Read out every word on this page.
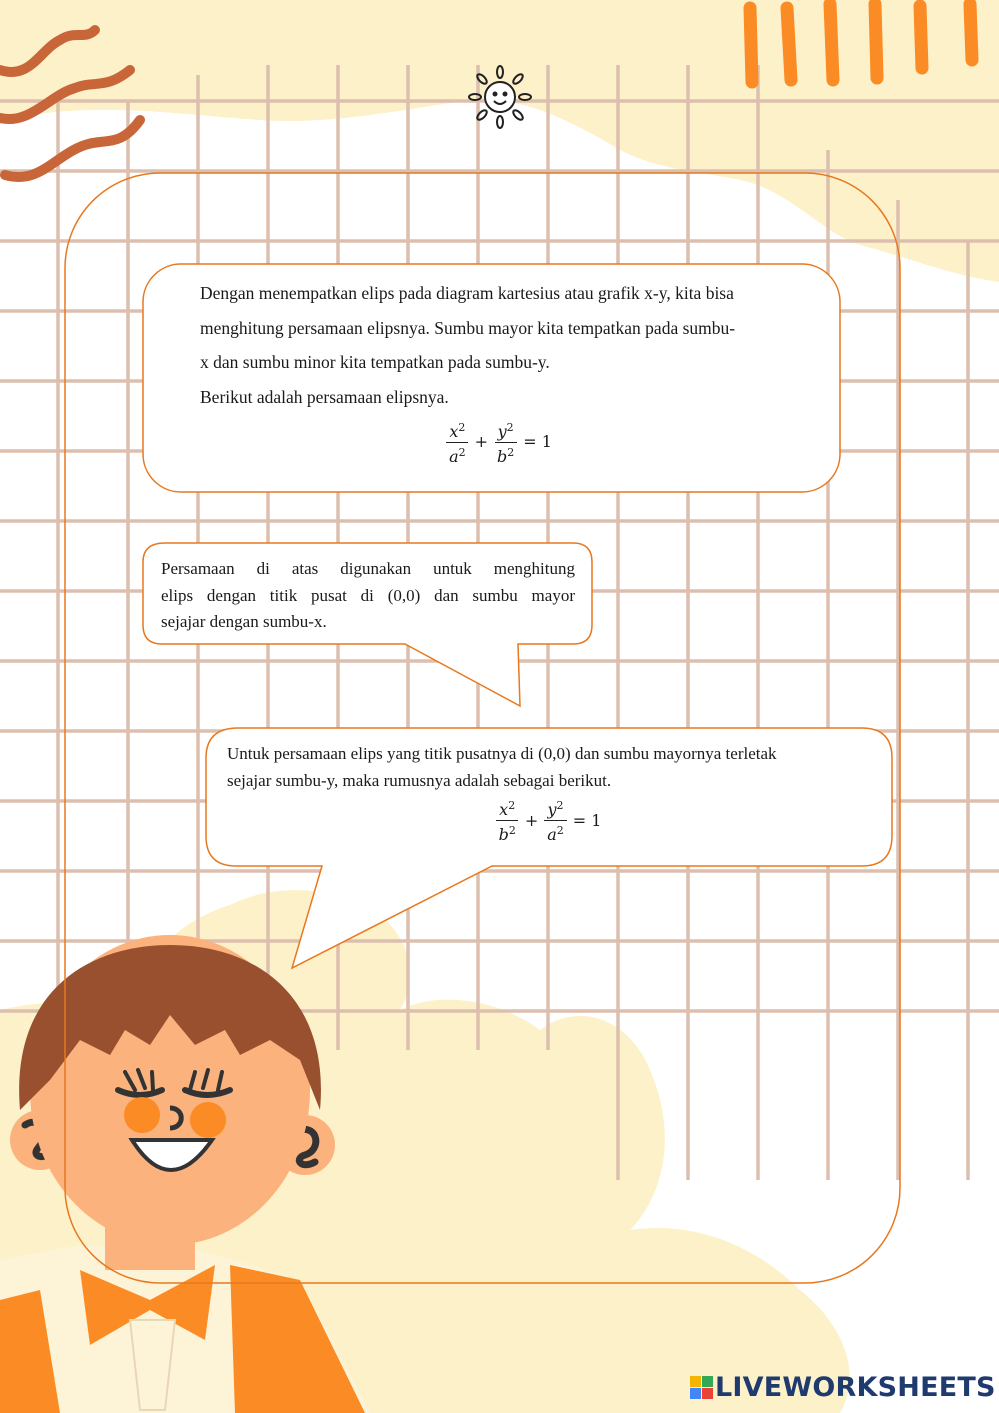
Dengan menempatkan elips pada diagram kartesius atau grafik x-y, kita bisa
menghitung persamaan elipsnya. Sumbu mayor kita tempatkan pada sumbu-
x dan sumbu minor kita tempatkan pada sumbu-y.
Berikut adalah persamaan elipsnya.
$\frac{x^2}{a^2} + \frac{y^2}{b^2} = 1$
Persamaan di atas digunakan untuk menghitung
elips dengan titik pusat di (0,0) dan sumbu mayor
sejajar dengan sumbu-x.
Untuk persamaan elips yang titik pusatnya di (0,0) dan sumbu mayornya terletak
sejajar sumbu-y, maka rumusnya adalah sebagai berikut.
$\frac{x^2}{b^2} + \frac{y^2}{a^2} = 1$
LIVEWORKSHEETS
